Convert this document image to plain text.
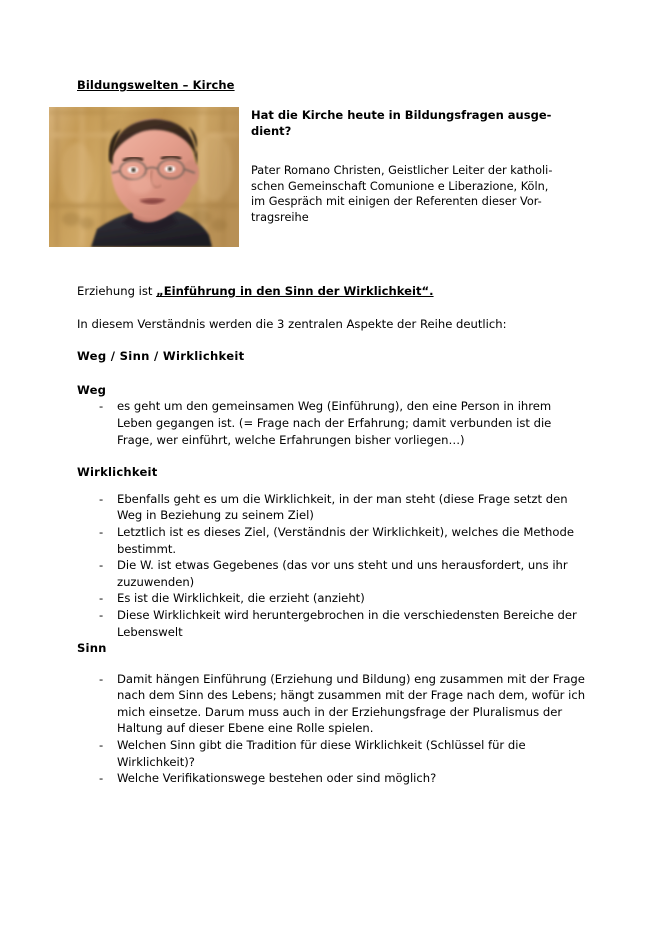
Bildungswelten – Kirche
Hat die Kirche heute in Bildungsfragen ausge-
dient?
Pater Romano Christen, Geistlicher Leiter der katholi-
schen Gemeinschaft Comunione e Liberazione, Köln,
im Gespräch mit einigen der Referenten dieser Vor-
tragsreihe

Erziehung ist „Einführung in den Sinn der Wirklichkeit“.

In diesem Verständnis werden die 3 zentralen Aspekte der Reihe deutlich:

Weg / Sinn / Wirklichkeit

Weg

- es geht um den gemeinsamen Weg (Einführung), den eine Person in ihrem Leben gegangen ist. (= Frage nach der Erfahrung; damit verbunden ist die Frage, wer einführt, welche Erfahrungen bisher vorliegen…)

Wirklichkeit

- Ebenfalls geht es um die Wirklichkeit, in der man steht (diese Frage setzt den Weg in Beziehung zu seinem Ziel)
- Letztlich ist es dieses Ziel, (Verständnis der Wirklichkeit), welches die Methode bestimmt.
- Die W. ist etwas Gegebenes (das vor uns steht und uns herausfordert, uns ihr zuzuwenden)
- Es ist die Wirklichkeit, die erzieht (anzieht)
- Diese Wirklichkeit wird heruntergebrochen in die verschiedensten Bereiche der Lebenswelt

Sinn

- Damit hängen Einführung (Erziehung und Bildung) eng zusammen mit der Frage nach dem Sinn des Lebens; hängt zusammen mit der Frage nach dem, wofür ich mich einsetze. Darum muss auch in der Erziehungsfrage der Pluralismus der Haltung auf dieser Ebene eine Rolle spielen.
- Welchen Sinn gibt die Tradition für diese Wirklichkeit (Schlüssel für die Wirklichkeit)?
- Welche Verifikationswege bestehen oder sind möglich?
